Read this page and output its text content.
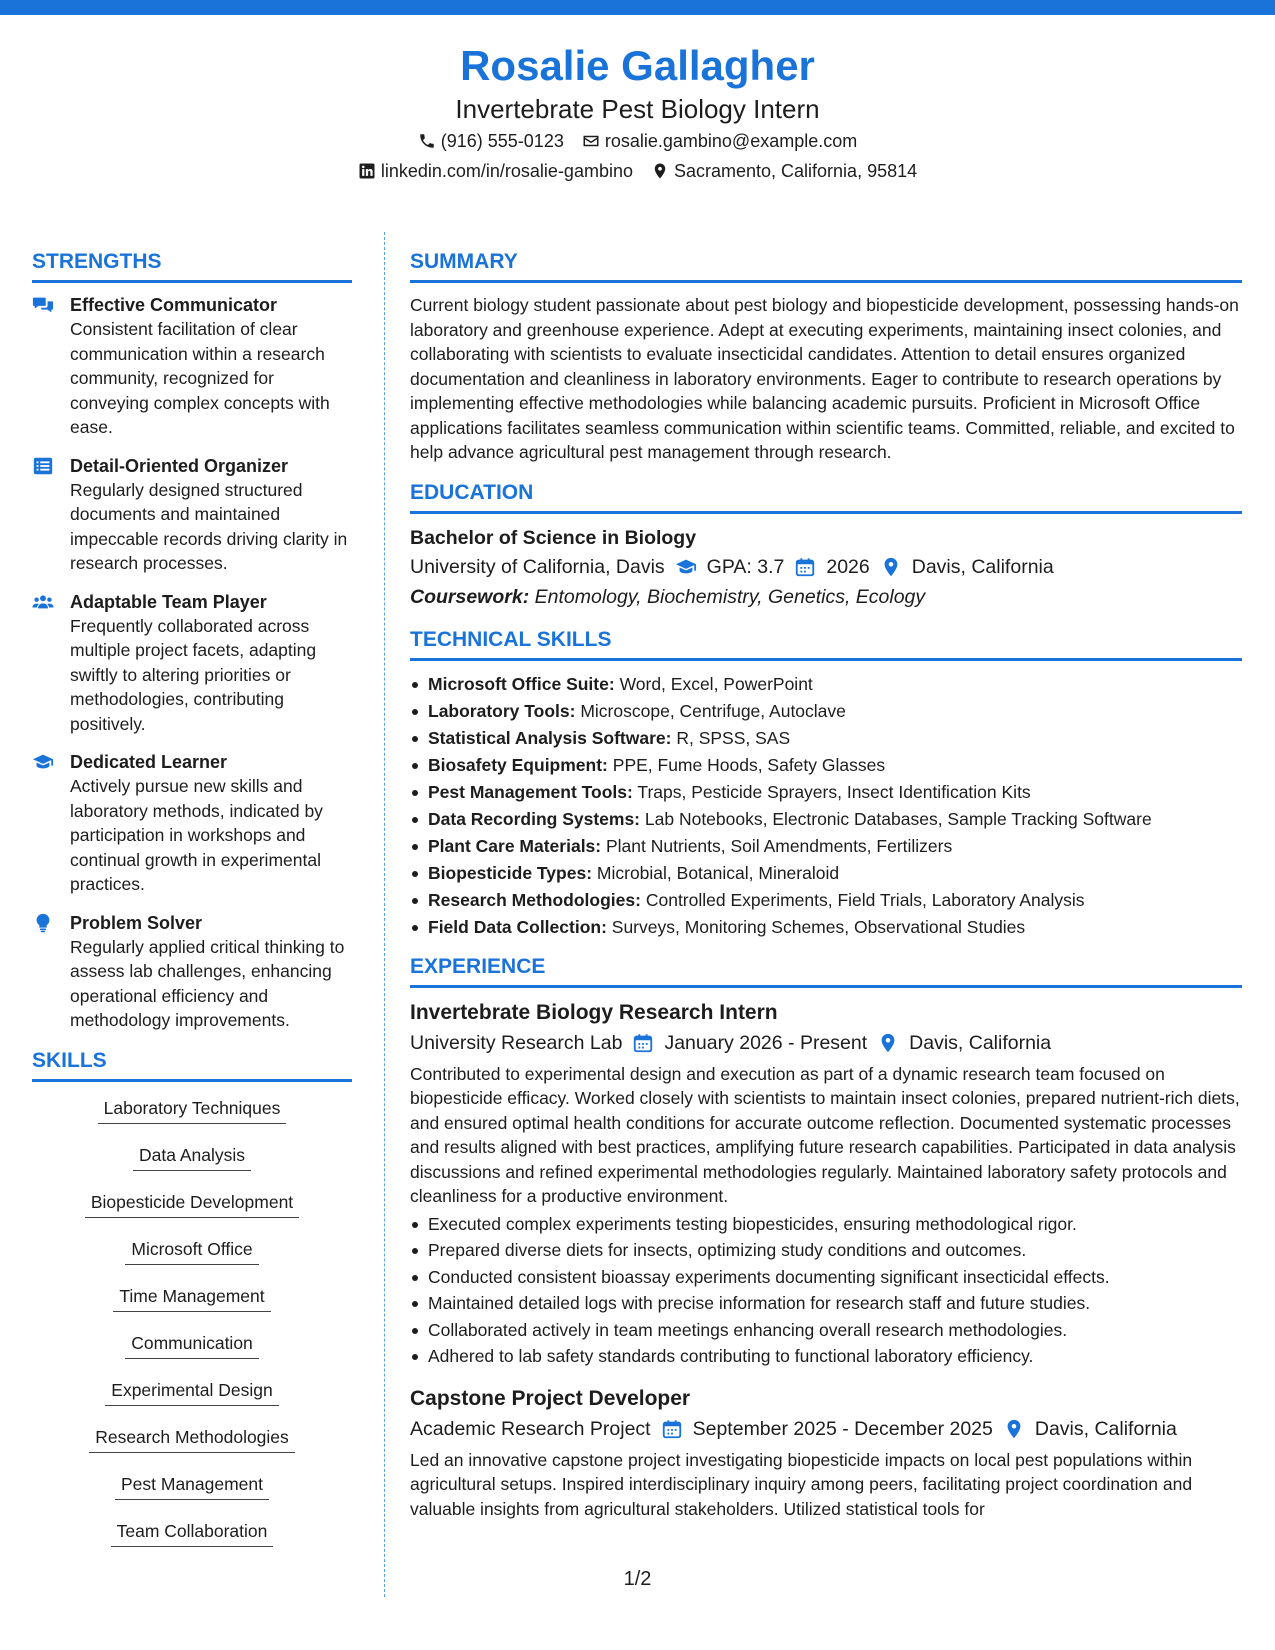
Rosalie Gallagher
Invertebrate Pest Biology Intern
(916) 555-0123 rosalie.gambino@example.com
linkedin.com/in/rosalie-gambino Sacramento, California, 95814
STRENGTHS
Effective Communicator
Consistent facilitation of clear communication within a research community, recognized for conveying complex concepts with ease.
Detail-Oriented Organizer
Regularly designed structured documents and maintained impeccable records driving clarity in research processes.
Adaptable Team Player
Frequently collaborated across multiple project facets, adapting swiftly to altering priorities or methodologies, contributing positively.
Dedicated Learner
Actively pursue new skills and laboratory methods, indicated by participation in workshops and continual growth in experimental practices.
Problem Solver
Regularly applied critical thinking to assess lab challenges, enhancing operational efficiency and methodology improvements.
SKILLS
Laboratory Techniques
Data Analysis
Biopesticide Development
Microsoft Office
Time Management
Communication
Experimental Design
Research Methodologies
Pest Management
Team Collaboration
SUMMARY
Current biology student passionate about pest biology and biopesticide development, possessing hands-on laboratory and greenhouse experience. Adept at executing experiments, maintaining insect colonies, and collaborating with scientists to evaluate insecticidal candidates. Attention to detail ensures organized documentation and cleanliness in laboratory environments. Eager to contribute to research operations by implementing effective methodologies while balancing academic pursuits. Proficient in Microsoft Office applications facilitates seamless communication within scientific teams. Committed, reliable, and excited to help advance agricultural pest management through research.
EDUCATION
Bachelor of Science in Biology
University of California, Davis GPA: 3.7 2026 Davis, California
Coursework: Entomology, Biochemistry, Genetics, Ecology
TECHNICAL SKILLS
Microsoft Office Suite: Word, Excel, PowerPoint
Laboratory Tools: Microscope, Centrifuge, Autoclave
Statistical Analysis Software: R, SPSS, SAS
Biosafety Equipment: PPE, Fume Hoods, Safety Glasses
Pest Management Tools: Traps, Pesticide Sprayers, Insect Identification Kits
Data Recording Systems: Lab Notebooks, Electronic Databases, Sample Tracking Software
Plant Care Materials: Plant Nutrients, Soil Amendments, Fertilizers
Biopesticide Types: Microbial, Botanical, Mineraloid
Research Methodologies: Controlled Experiments, Field Trials, Laboratory Analysis
Field Data Collection: Surveys, Monitoring Schemes, Observational Studies
EXPERIENCE
Invertebrate Biology Research Intern
University Research Lab January 2026 - Present Davis, California
Contributed to experimental design and execution as part of a dynamic research team focused on biopesticide efficacy. Worked closely with scientists to maintain insect colonies, prepared nutrient-rich diets, and ensured optimal health conditions for accurate outcome reflection. Documented systematic processes and results aligned with best practices, amplifying future research capabilities. Participated in data analysis discussions and refined experimental methodologies regularly. Maintained laboratory safety protocols and cleanliness for a productive environment.
Executed complex experiments testing biopesticides, ensuring methodological rigor.
Prepared diverse diets for insects, optimizing study conditions and outcomes.
Conducted consistent bioassay experiments documenting significant insecticidal effects.
Maintained detailed logs with precise information for research staff and future studies.
Collaborated actively in team meetings enhancing overall research methodologies.
Adhered to lab safety standards contributing to functional laboratory efficiency.
Capstone Project Developer
Academic Research Project September 2025 - December 2025 Davis, California
Led an innovative capstone project investigating biopesticide impacts on local pest populations within agricultural setups. Inspired interdisciplinary inquiry among peers, facilitating project coordination and valuable insights from agricultural stakeholders. Utilized statistical tools for
1/2
